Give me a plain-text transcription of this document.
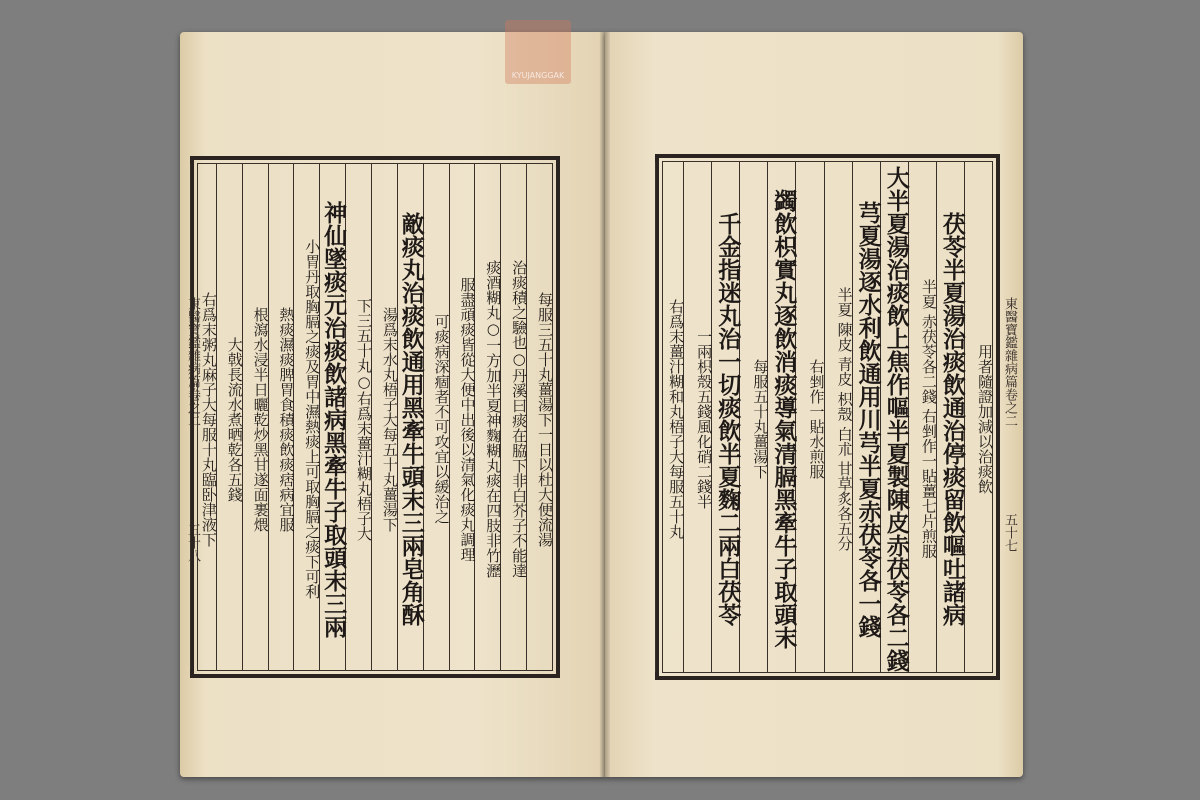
東醫寶鑑雜病篇卷之二
五十八	每服三五十丸薑湯下一日以杜大便流湯
治痰積之驗也○丹溪曰痰在脇下非白芥子不能達
痰酒糊丸○一方加半夏神麴糊丸痰在四肢非竹瀝
服盡頑痰皆從大便中出後以清氣化痰丸調理
可痰病深痼者不可攻宜以緩治之
敵痰丸治痰飲通用黑牽牛頭末三兩皂角酥
湯爲末水丸梧子大每五十丸薑湯下
下三五十丸○右爲末薑汁糊丸梧子大
神仙墜痰元治痰飲諸病黑牽牛子取頭末三兩
小胃丹取胸膈之痰及胃中濕熱痰上可取胸膈之痰下可利
熱痰濕痰脾胃食積痰飲痰痞病宜服
根瀉水浸半日曬乾炒黑甘遂面裹煨
大戟長流水煮晒乾各五錢
右爲末粥丸麻子大每服十丸臨卧津液下	東醫寶鑑雜病篇卷之二
五十七
用者隨證加減以治痰飲
茯苓半夏湯治痰飲通治停痰留飲嘔吐諸病
半夏 赤茯苓各二錢 右剉作一貼薑七片煎服
大半夏湯治痰飲上焦作嘔半夏製陳皮赤茯苓各二錢
芎夏湯逐水利飲通用川芎半夏赤茯苓各一錢
半夏 陳皮 青皮 枳殼 白朮 甘草炙各五分
右剉作一貼水煎服
蠲飲枳實丸逐飲消痰導氣清膈黑牽牛子取頭末
每服五十丸薑湯下
千金指迷丸治一切痰飲半夏麴二兩白茯苓
一兩枳殼五錢風化硝二錢半
右爲末薑汁糊和丸梧子大每服五十丸
KYUJANGGAK
